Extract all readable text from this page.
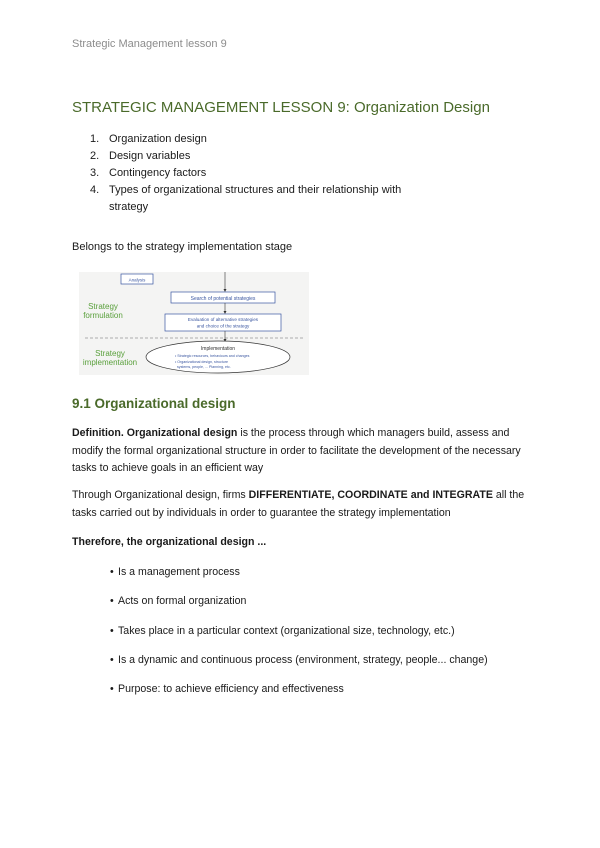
Strategic Management lesson 9
STRATEGIC MANAGEMENT LESSON 9: Organization Design
1. Organization design
2. Design variables
3. Contingency factors
4. Types of organizational structures and their relationship with strategy
Belongs to the strategy implementation stage
Analysis
Search of potential strategies
Evaluation of alternative strategies
and choice of the strategy
Implementation
• Strategic resources, behaviours and changes
• Organizational design, structure
systems, people, ... Planning, etc.
Strategy
formulation
Strategy
implementation
9.1 Organizational design
Definition. Organizational design is the process through which managers build, assess and modify the formal organizational structure in order to facilitate the development of the necessary tasks to achieve goals in an efficient way
Through Organizational design, firms DIFFERENTIATE, COORDINATE and INTEGRATE all the tasks carried out by individuals in order to guarantee the strategy implementation
Therefore, the organizational design ...
• Is a management process
• Acts on formal organization
• Takes place in a particular context (organizational size, technology, etc.)
• Is a dynamic and continuous process (environment, strategy, people... change)
• Purpose: to achieve efficiency and effectiveness
